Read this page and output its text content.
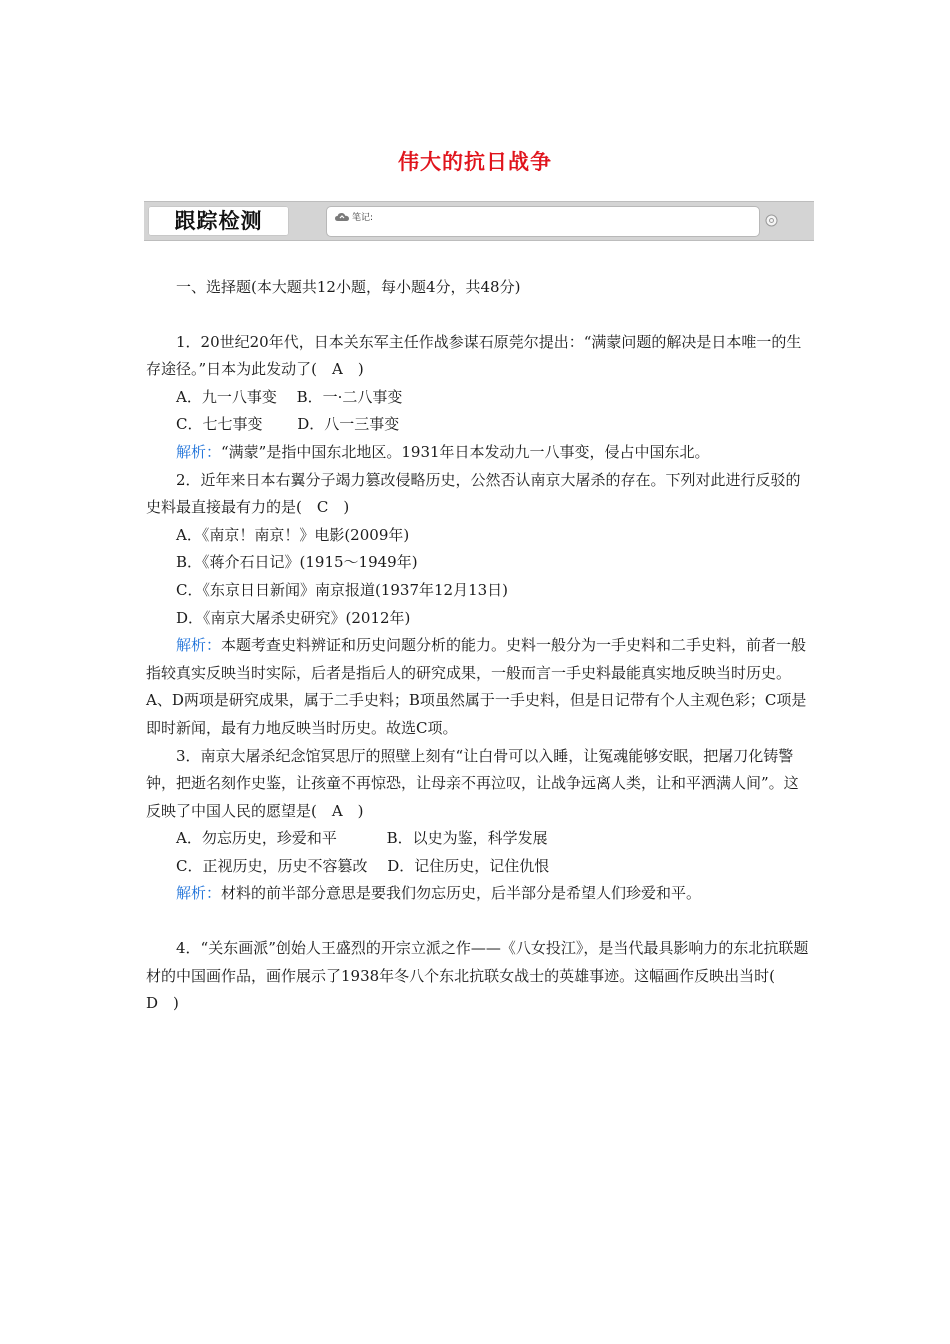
伟大的抗日战争
跟踪检测	笔记:

一、选择题(本大题共12小题，每小题4分，共48分)

1．20世纪20年代，日本关东军主任作战参谋石原莞尔提出：“满蒙问题的解决是日本唯一的生存途径。”日本为此发动了(　A　)

A．九一八事变　 B．一·二八事变

C．七七事变　　 D．八一三事变

解析：“满蒙”是指中国东北地区。1931年日本发动九一八事变，侵占中国东北。

2．近年来日本右翼分子竭力篡改侵略历史，公然否认南京大屠杀的存在。下列对此进行反驳的史料最直接最有力的是(　C　)

A．《南京！南京！》电影(2009年)

B．《蒋介石日记》(1915～1949年)

C．《东京日日新闻》南京报道(1937年12月13日)

D．《南京大屠杀史研究》(2012年)

解析：本题考查史料辨证和历史问题分析的能力。史料一般分为一手史料和二手史料，前者一般指较真实反映当时实际，后者是指后人的研究成果，一般而言一手史料最能真实地反映当时历史。A、D两项是研究成果，属于二手史料；B项虽然属于一手史料，但是日记带有个人主观色彩；C项是即时新闻，最有力地反映当时历史。故选C项。

3．南京大屠杀纪念馆冥思厅的照壁上刻有“让白骨可以入睡，让冤魂能够安眠，把屠刀化铸警钟，把逝名刻作史鉴，让孩童不再惊恐，让母亲不再泣叹，让战争远离人类，让和平洒满人间”。这反映了中国人民的愿望是(　A　)

A．勿忘历史，珍爱和平　　　 B．以史为鉴，科学发展

C．正视历史，历史不容篡改　 D．记住历史，记住仇恨

解析：材料的前半部分意思是要我们勿忘历史，后半部分是希望人们珍爱和平。

4．“关东画派”创始人王盛烈的开宗立派之作——《八女投江》，是当代最具影响力的东北抗联题材的中国画作品，画作展示了1938年冬八个东北抗联女战士的英雄事迹。这幅画作反映出当时(　D　)
